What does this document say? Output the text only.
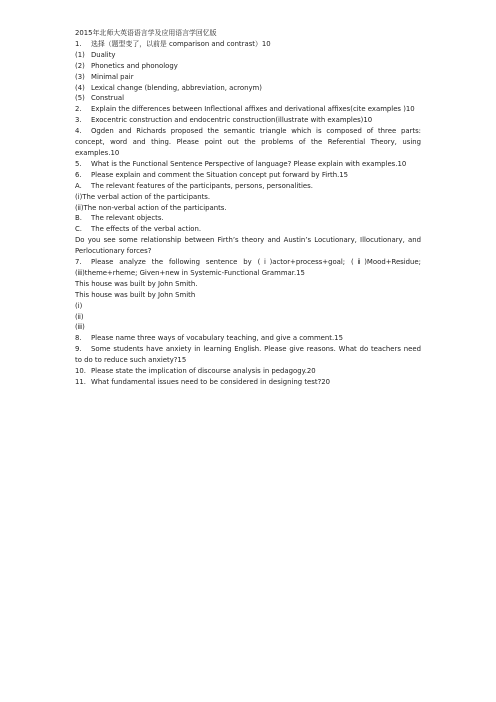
2015年北师大英语语言学及应用语言学回忆版

1. 选择（题型变了，以前是 comparison and contrast）10

(1) Duality

(2) Phonetics and phonology

(3) Minimal pair

(4) Lexical change (blending, abbreviation, acronym)

(5) Construal

2. Explain the differences between Inflectional affixes and derivational affixes(cite examples )10

3. Exocentric construction and endocentric construction(illustrate with examples)10

4. Ogden and Richards proposed the semantic triangle which is composed of three parts: concept, word and thing. Please point out the problems of the Referential Theory, using examples.10

5. What is the Functional Sentence Perspective of language? Please explain with examples.10

6. Please explain and comment the Situation concept put forward by Firth.15

A. The relevant features of the participants, persons, personalities.

(ⅰ)The verbal action of the participants.

(ⅱ)The non-verbal action of the participants.

B. The relevant objects.

C. The effects of the verbal action.

Do you see some relationship between Firth’s theory and Austin’s Locutionary, Illocutionary, and Perlocutionary forces?

7. Please analyze the following sentence by (ⅰ)actor+process+goal; (ⅱ)Mood+Residue; (ⅲ)theme+rheme; Given+new in Systemic-Functional Grammar.15

This house was built by John Smith.

This house was built by John Smith

(ⅰ)

(ⅱ)

(ⅲ)

8. Please name three ways of vocabulary teaching, and give a comment.15

9. Some students have anxiety in learning English. Please give reasons. What do teachers need to do to reduce such anxiety?15

10. Please state the implication of discourse analysis in pedagogy.20

11. What fundamental issues need to be considered in designing test?20
